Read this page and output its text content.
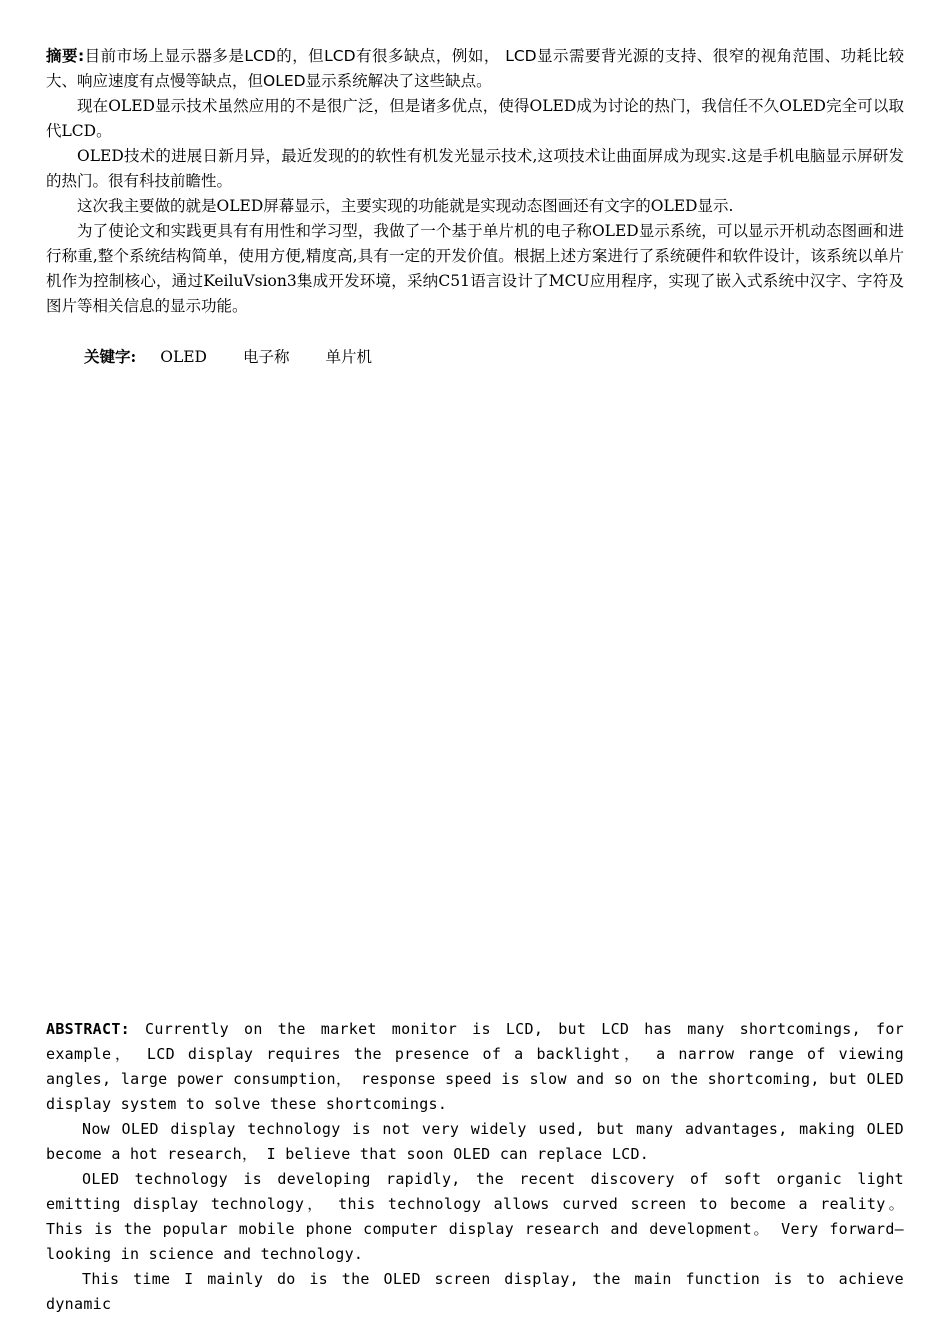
摘要:目前市场上显示器多是LCD的，但LCD有很多缺点，例如， LCD显示需要背光源的支持、很窄的视角范围、功耗比较大、响应速度有点慢等缺点，但OLED显示系统解决了这些缺点。

现在OLED显示技术虽然应用的不是很广泛，但是诸多优点，使得OLED成为讨论的热门，我信任不久OLED完全可以取代LCD。

OLED技术的进展日新月异，最近发现的的软性有机发光显示技术,这项技术让曲面屏成为现实.这是手机电脑显示屏研发的热门。很有科技前瞻性。

这次我主要做的就是OLED屏幕显示，主要实现的功能就是实现动态图画还有文字的OLED显示.

为了使论文和实践更具有有用性和学习型，我做了一个基于单片机的电子称OLED显示系统，可以显示开机动态图画和进行称重,整个系统结构简单，使用方便,精度高,具有一定的开发价值。根据上述方案进行了系统硬件和软件设计，该系统以单片机作为控制核心，通过KeiluVsion3集成开发环境，采纳C51语言设计了MCU应用程序，实现了嵌入式系统中汉字、字符及图片等相关信息的显示功能。

关键字: OLED 电子称 单片机

ABSTRACT: Currently on the market monitor is LCD, but LCD has many shortcomings, for example， LCD display requires the presence of a backlight， a narrow range of viewing angles, large power consumption， response speed is slow and so on the shortcoming, but OLED display system to solve these shortcomings.

Now OLED display technology is not very widely used, but many advantages, making OLED become a hot research， I believe that soon OLED can replace LCD.

OLED technology is developing rapidly, the recent discovery of soft organic light emitting display technology， this technology allows curved screen to become a reality。 This is the popular mobile phone computer display research and development。 Very forward—looking in science and technology.

This time I mainly do is the OLED screen display, the main function is to achieve dynamic
